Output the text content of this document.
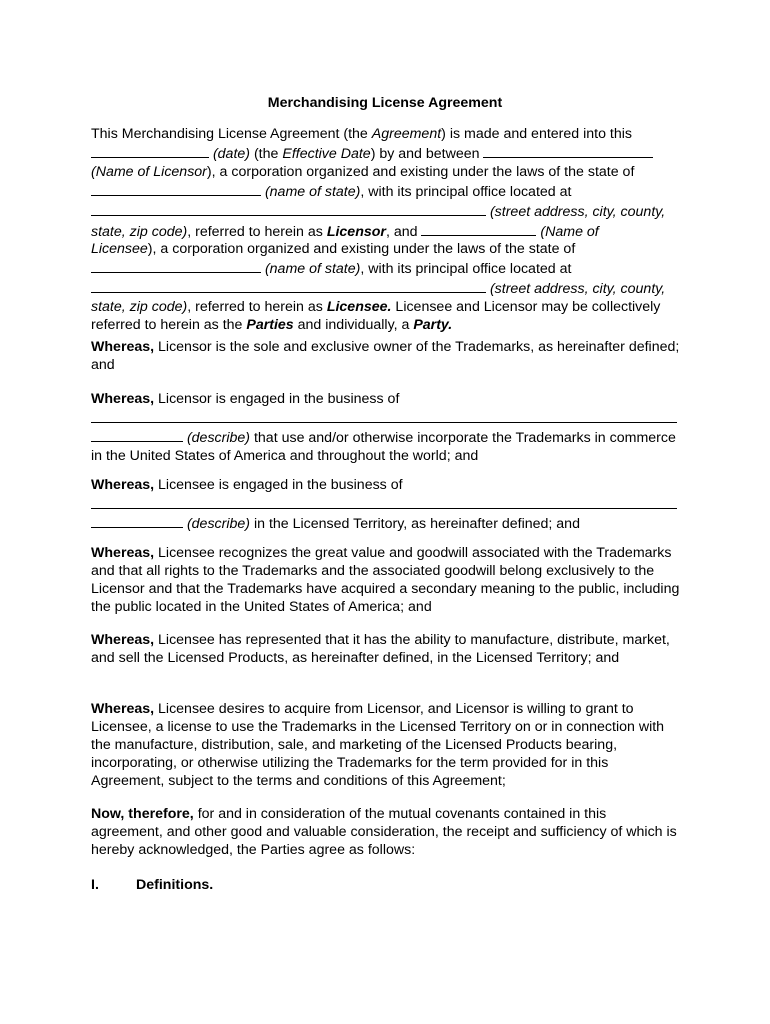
Merchandising License Agreement

This Merchandising License Agreement (the Agreement) is made and entered into this
(date) (the Effective Date) by and between
(Name of Licensor), a corporation organized and existing under the laws of the state of
(name of state), with its principal office located at
(street address, city, county,
state, zip code), referred to herein as Licensor, and	(Name of
Licensee), a corporation organized and existing under the laws of the state of
(name of state), with its principal office located at
(street address, city, county,
state, zip code), referred to herein as Licensee. Licensee and Licensor may be collectively referred to herein as the Parties and individually, a Party.

Whereas, Licensor is the sole and exclusive owner of the Trademarks, as hereinafter defined; and

Whereas, Licensor is engaged in the business of

(describe) that use and/or otherwise incorporate the Trademarks in commerce in the United States of America and throughout the world; and

Whereas, Licensee is engaged in the business of

(describe) in the Licensed Territory, as hereinafter defined; and

Whereas, Licensee recognizes the great value and goodwill associated with the Trademarks and that all rights to the Trademarks and the associated goodwill belong exclusively to the Licensor and that the Trademarks have acquired a secondary meaning to the public, including the public located in the United States of America; and

Whereas, Licensee has represented that it has the ability to manufacture, distribute, market, and sell the Licensed Products, as hereinafter defined, in the Licensed Territory; and

Whereas, Licensee desires to acquire from Licensor, and Licensor is willing to grant to Licensee, a license to use the Trademarks in the Licensed Territory on or in connection with the manufacture, distribution, sale, and marketing of the Licensed Products bearing, incorporating, or otherwise utilizing the Trademarks for the term provided for in this Agreement, subject to the terms and conditions of this Agreement;

Now, therefore, for and in consideration of the mutual covenants contained in this agreement, and other good and valuable consideration, the receipt and sufficiency of which is hereby acknowledged, the Parties agree as follows:

I.	Definitions.
